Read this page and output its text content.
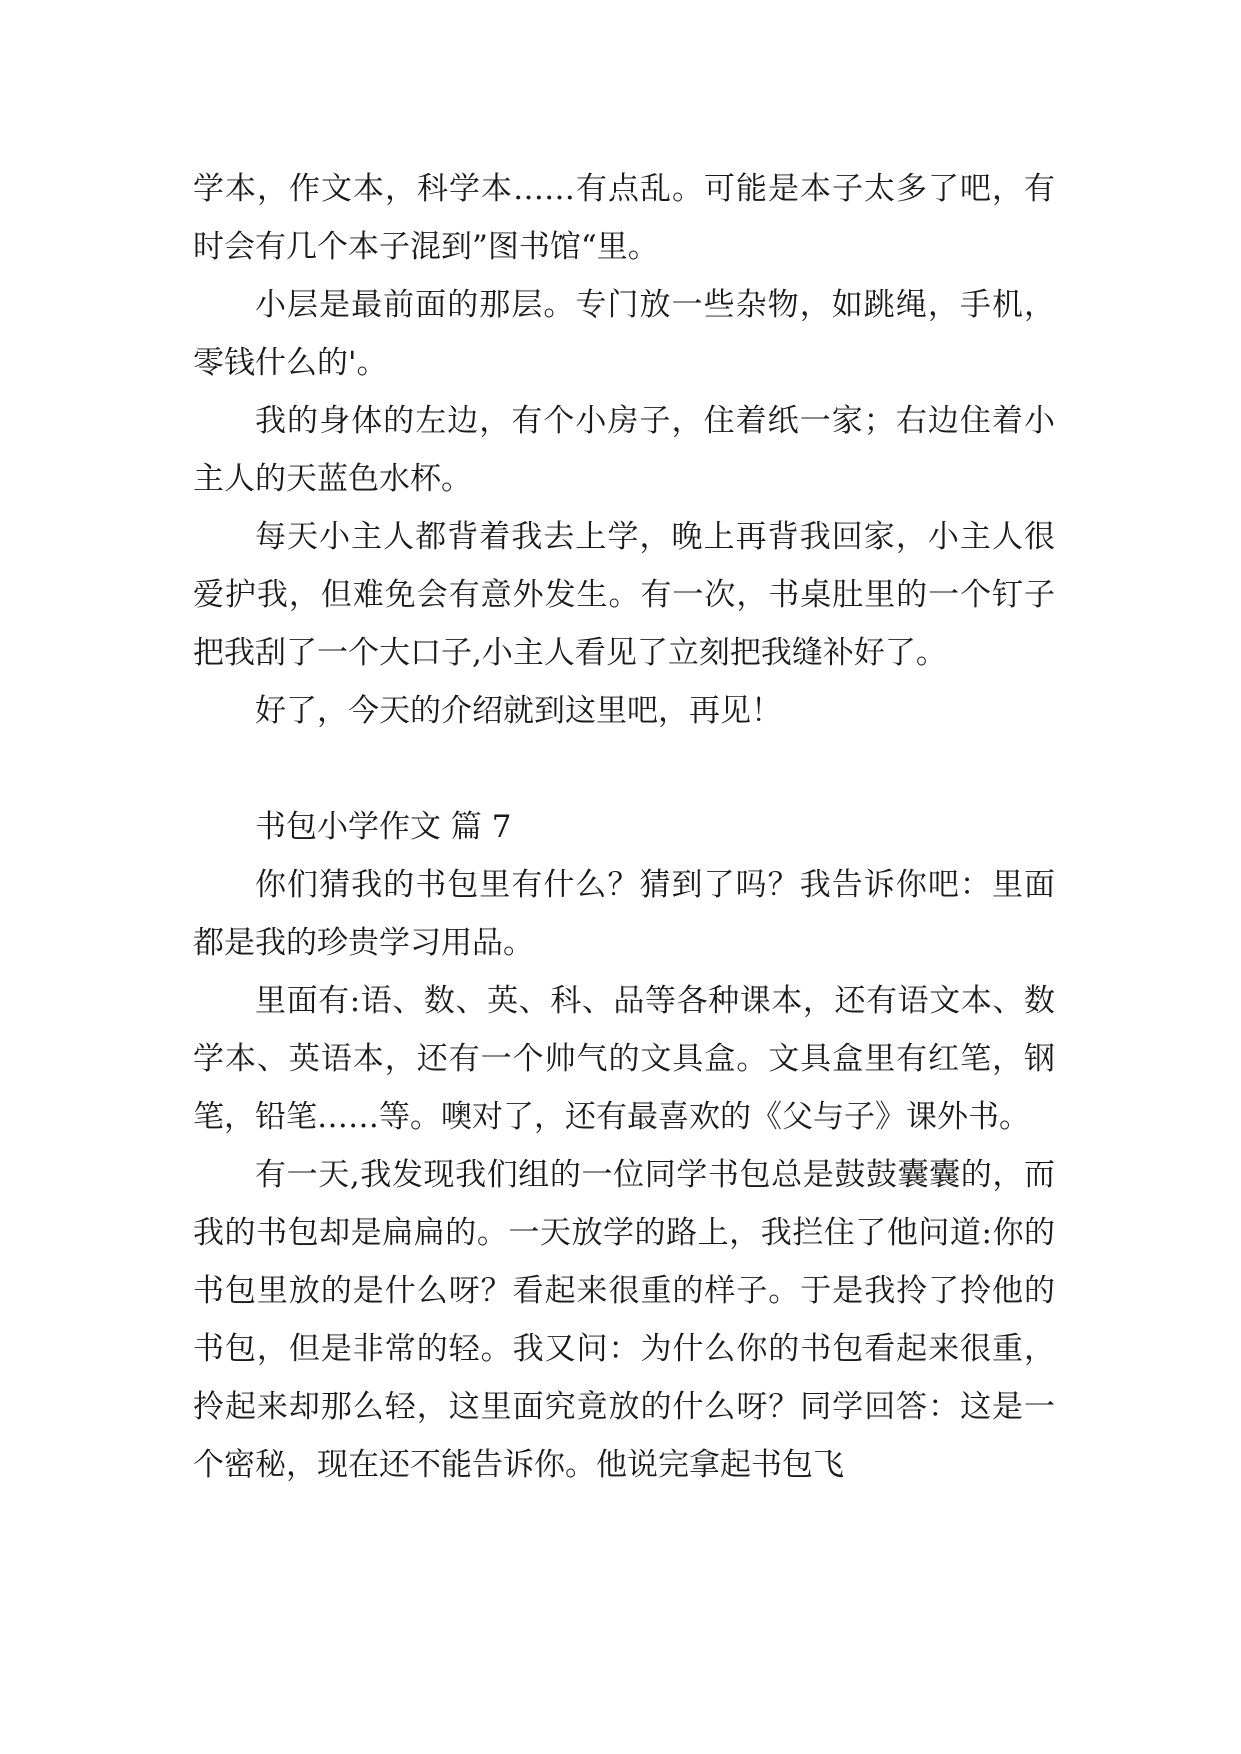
学本，作文本，科学本……有点乱。可能是本子太多了吧，有时会有几个本子混到”图书馆“里。

小层是最前面的那层。专门放一些杂物，如跳绳，手机，零钱什么的'。

我的身体的左边，有个小房子，住着纸一家；右边住着小主人的天蓝色水杯。

每天小主人都背着我去上学，晚上再背我回家，小主人很爱护我，但难免会有意外发生。有一次，书桌肚里的一个钉子把我刮了一个大口子,小主人看见了立刻把我缝补好了。

好了，今天的介绍就到这里吧，再见！

书包小学作文 篇 7

你们猜我的书包里有什么？猜到了吗？我告诉你吧：里面都是我的珍贵学习用品。

里面有:语、数、英、科、品等各种课本，还有语文本、数学本、英语本，还有一个帅气的文具盒。文具盒里有红笔，钢笔，铅笔……等。噢对了，还有最喜欢的《父与子》课外书。

有一天,我发现我们组的一位同学书包总是鼓鼓囊囊的，而我的书包却是扁扁的。一天放学的路上，我拦住了他问道:你的书包里放的是什么呀？看起来很重的样子。于是我拎了拎他的书包，但是非常的轻。我又问：为什么你的书包看起来很重，拎起来却那么轻，这里面究竟放的什么呀？同学回答：这是一个密秘，现在还不能告诉你。他说完拿起书包飞
